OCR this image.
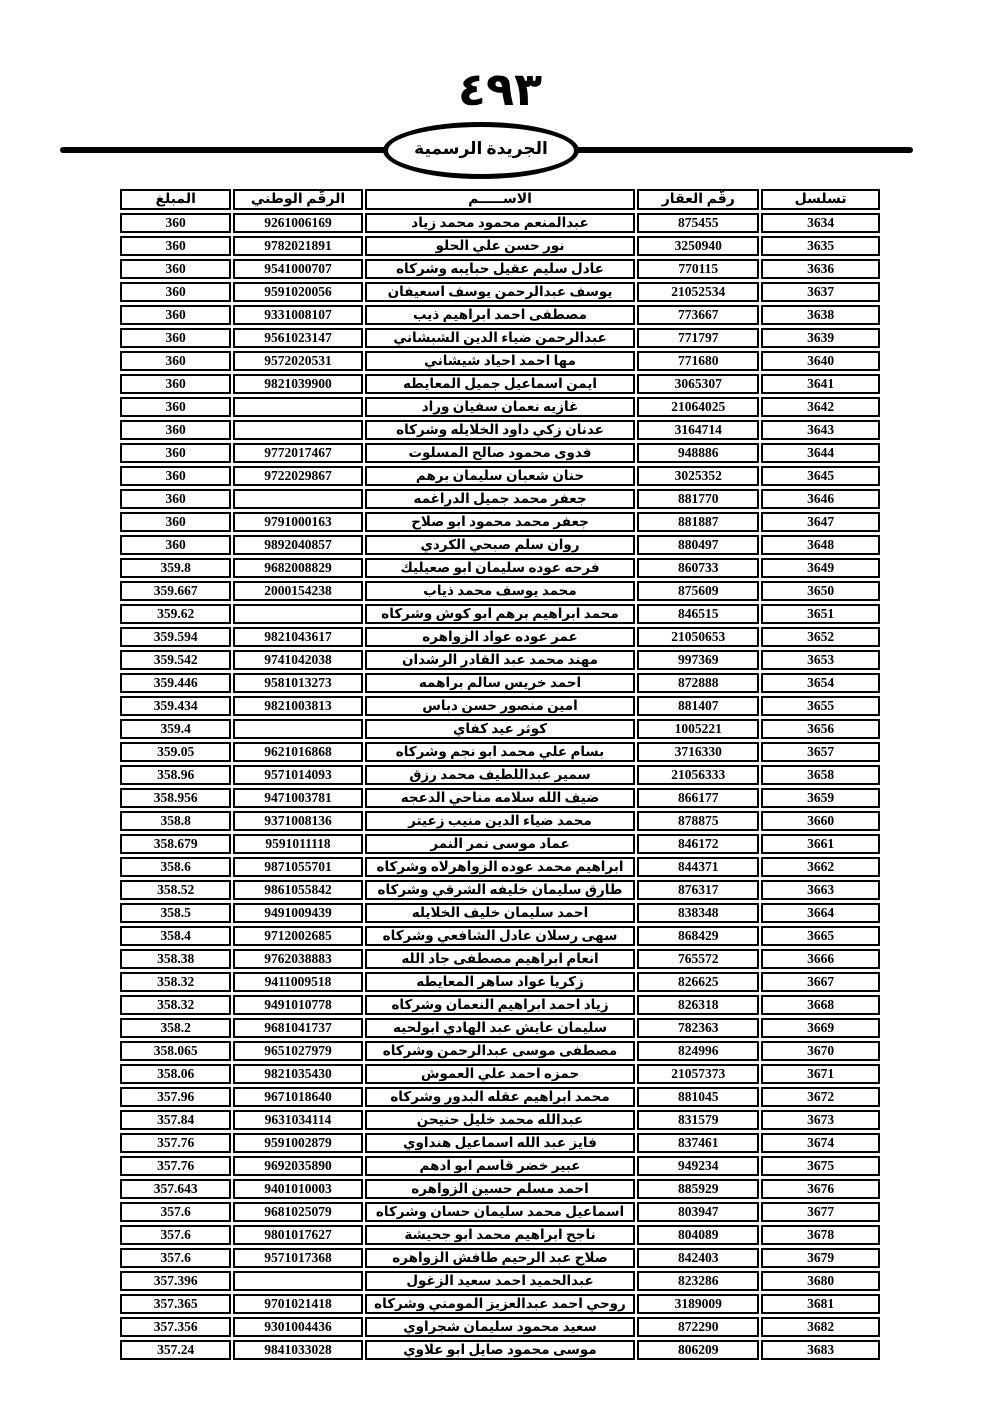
٤٩٣
الجريدة الرسمية
تسلسل	رقّم العقار	الاســـــم	الرقّم الوطني	المبلغ
3634	875455	عبدالمنعم محمود محمد زياد	9261006169	360
3635	3250940	نور حسن علي الحلو	9782021891	360
3636	770115	عادل سليم عقيل حبايبه وشركاه	9541000707	360
3637	21052534	يوسف عبدالرحمن يوسف اسعيفان	9591020056	360
3638	773667	مصطفى احمد ابراهيم ذيب	9331008107	360
3639	771797	عبدالرحمن ضياء الدين الشبشاني	9561023147	360
3640	771680	مها احمد احياد شيشاني	9572020531	360
3641	3065307	ايمن اسماعيل جميل المعايطه	9821039900	360
3642	21064025	غازيه نعمان سفيان وراد		360
3643	3164714	عدنان زكي داود الخلايله وشركاه		360
3644	948886	فدوى محمود صالح المسلوت	9772017467	360
3645	3025352	حنان شعبان سليمان برهم	9722029867	360
3646	881770	جعفر محمد جميل الدراغمه		360
3647	881887	جعفر محمد محمود ابو صلاح	9791000163	360
3648	880497	روان سلم صبحي الكردي	9892040857	360
3649	860733	فرحه عوده سليمان ابو صعيليك	9682008829	359.8
3650	875609	محمد يوسف محمد ذياب	2000154238	359.667
3651	846515	محمد ابراهيم برهم ابو كوش وشركاه		359.62
3652	21050653	عمر عوده عواد الزواهره	9821043617	359.594
3653	997369	مهند محمد عبد القادر الرشدان	9741042038	359.542
3654	872888	احمد خريس سالم براهمه	9581013273	359.446
3655	881407	امين منصور حسن دباس	9821003813	359.434
3656	1005221	كوثر عيد كفاي		359.4
3657	3716330	بسام علي محمد ابو نجم وشركاه	9621016868	359.05
3658	21056333	سمير عبداللطيف محمد رزق	9571014093	358.96
3659	866177	ضيف الله سلامه مناحي الدعجه	9471003781	358.956
3660	878875	محمد ضياء الدين منيب زعيتر	9371008136	358.8
3661	846172	عماد موسى نمر النمر	9591011118	358.679
3662	844371	ابراهيم محمد عوده الزواهرلاه وشركاه	9871055701	358.6
3663	876317	طارق سليمان خليفه الشرقي وشركاه	9861055842	358.52
3664	838348	احمد سليمان خليف الخلايله	9491009439	358.5
3665	868429	سهى رسلان عادل الشافعي وشركاه	9712002685	358.4
3666	765572	انعام ابراهيم مصطفى جاد الله	9762038883	358.38
3667	826625	زكريا عواد ساهر المعايطه	9411009518	358.32
3668	826318	زياد احمد ابراهيم النعمان وشركاه	9491010778	358.32
3669	782363	سليمان عايش عبد الهادي ابولحيه	9681041737	358.2
3670	824996	مصطفى موسى عبدالرحمن وشركاه	9651027979	358.065
3671	21057373	حمزه احمد علي العموش	9821035430	358.06
3672	881045	محمد ابراهيم عقله البدور وشركاه	9671018640	357.96
3673	831579	عبدالله محمد خليل حنيحن	9631034114	357.84
3674	837461	فايز عبد الله اسماعيل هنداوي	9591002879	357.76
3675	949234	عبير خضر قاسم ابو ادهم	9692035890	357.76
3676	885929	احمد مسلم حسين الزواهره	9401010003	357.643
3677	803947	اسماعيل محمد سليمان حسان وشركاه	9681025079	357.6
3678	804089	ناجح ابراهيم محمد ابو جحيشة	9801017627	357.6
3679	842403	صلاح عبد الرحيم طافش الزواهره	9571017368	357.6
3680	823286	عبدالحميد احمد سعيد الزغول		357.396
3681	3189009	روحي احمد عبدالعزيز المومني وشركاه	9701021418	357.365
3682	872290	سعيد محمود سليمان شجراوي	9301004436	357.356
3683	806209	موسى محمود صايل ابو علاوي	9841033028	357.24
